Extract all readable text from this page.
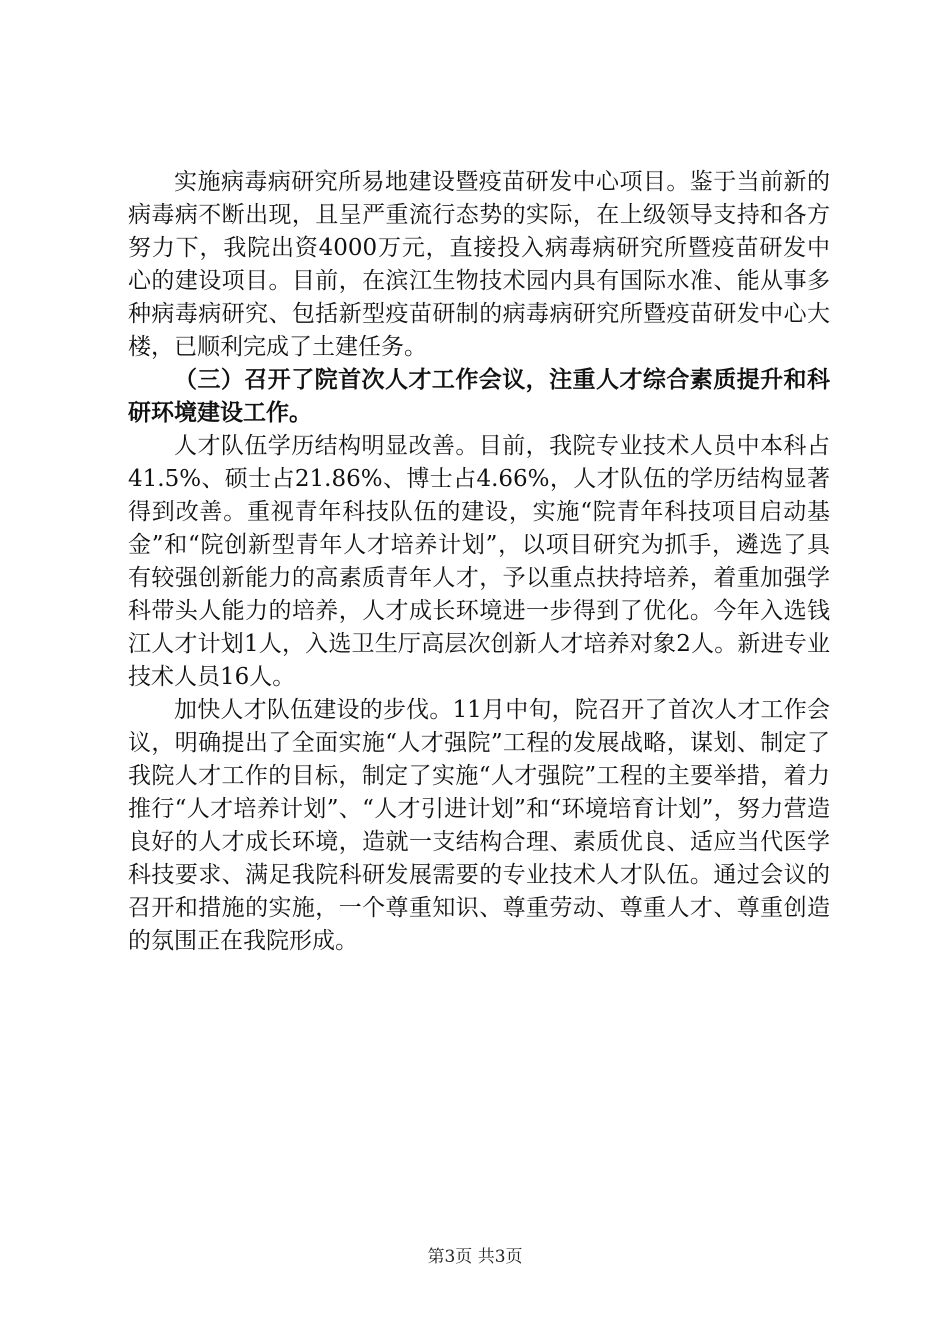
实施病毒病研究所易地建设暨疫苗研发中心项目。鉴于当前新的病毒病不断出现，且呈严重流行态势的实际，在上级领导支持和各方努力下，我院出资4000万元，直接投入病毒病研究所暨疫苗研发中心的建设项目。目前，在滨江生物技术园内具有国际水准、能从事多种病毒病研究、包括新型疫苗研制的病毒病研究所暨疫苗研发中心大楼，已顺利完成了土建任务。

（三）召开了院首次人才工作会议，注重人才综合素质提升和科研环境建设工作。

人才队伍学历结构明显改善。目前，我院专业技术人员中本科占41.5%、硕士占21.86%、博士占4.66%，人才队伍的学历结构显著得到改善。重视青年科技队伍的建设，实施“院青年科技项目启动基金”和“院创新型青年人才培养计划”，以项目研究为抓手，遴选了具有较强创新能力的高素质青年人才，予以重点扶持培养，着重加强学科带头人能力的培养，人才成长环境进一步得到了优化。今年入选钱江人才计划1人，入选卫生厅高层次创新人才培养对象2人。新进专业技术人员16人。

加快人才队伍建设的步伐。11月中旬，院召开了首次人才工作会议，明确提出了全面实施“人才强院”工程的发展战略，谋划、制定了我院人才工作的目标，制定了实施“人才强院”工程的主要举措，着力推行“人才培养计划”、“人才引进计划”和“环境培育计划”，努力营造良好的人才成长环境，造就一支结构合理、素质优良、适应当代医学科技要求、满足我院科研发展需要的专业技术人才队伍。通过会议的召开和措施的实施，一个尊重知识、尊重劳动、尊重人才、尊重创造的氛围正在我院形成。

第3页 共3页
